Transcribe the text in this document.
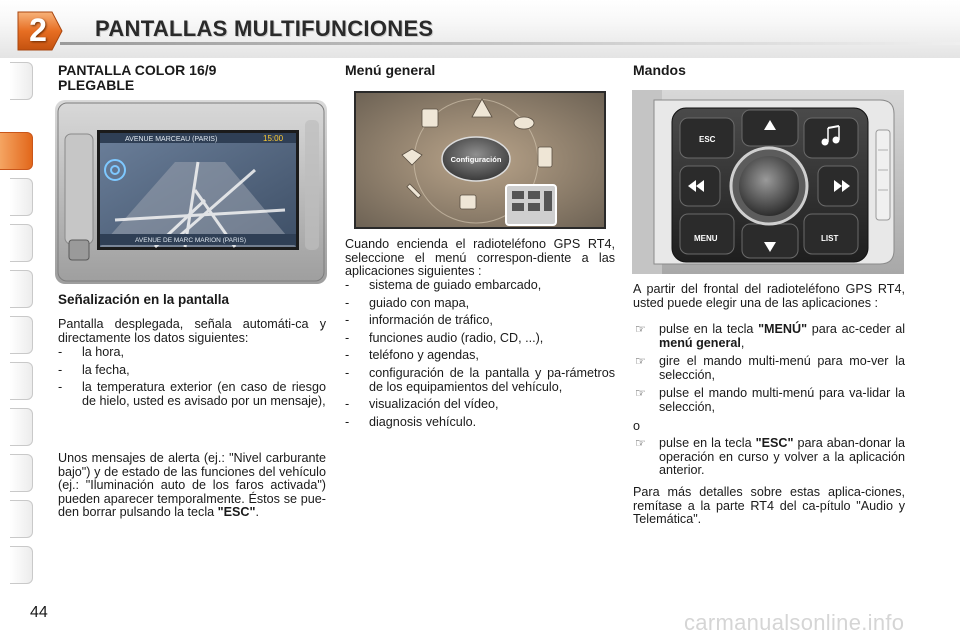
2	PANTALLAS MULTIFUNCIONES
PANTALLA COLOR 16/9 PLEGABLE
AVENUE MARCEAU (PARIS)	15:00
AVENUE DE MARC MARION (PARIS)
Señalización en la pantalla
Pantalla desplegada, señala automáti-ca y directamente los datos siguientes:
- la hora,
- la fecha,
- la temperatura exterior (en caso de riesgo de hielo, usted es avisado por un mensaje),
Unos mensajes de alerta (ej.: "Nivel carburante bajo") y de estado de las funciones del vehículo (ej.: "Iluminación auto de los faros activada") pueden aparecer temporalmente. Éstos se pue-den borrar pulsando la tecla "ESC".
Menú general
Configuración
Cuando encienda el radioteléfono GPS RT4, seleccione el menú correspon-diente a las aplicaciones siguientes :
- sistema de guiado embarcado,
- guiado con mapa,
- información de tráfico,
- funciones audio (radio, CD, ...),
- teléfono y agendas,
- configuración de la pantalla y pa-rámetros de los equipamientos del vehículo,
- visualización del vídeo,
- diagnosis vehículo.
Mandos
ESC
MENU	LIST
A partir del frontal del radioteléfono GPS RT4, usted puede elegir una de las aplicaciones :
☞ pulse en la tecla "MENÚ" para ac-ceder al menú general,
☞ gire el mando multi-menú para mo-ver la selección,
☞ pulse el mando multi-menú para va-lidar la selección,
o
☞ pulse en la tecla "ESC" para aban-donar la operación en curso y volver a la aplicación anterior.
Para más detalles sobre estas aplica-ciones, remítase a la parte RT4 del ca-pítulo "Audio y Telemática".
44	carmanualsonline.info
